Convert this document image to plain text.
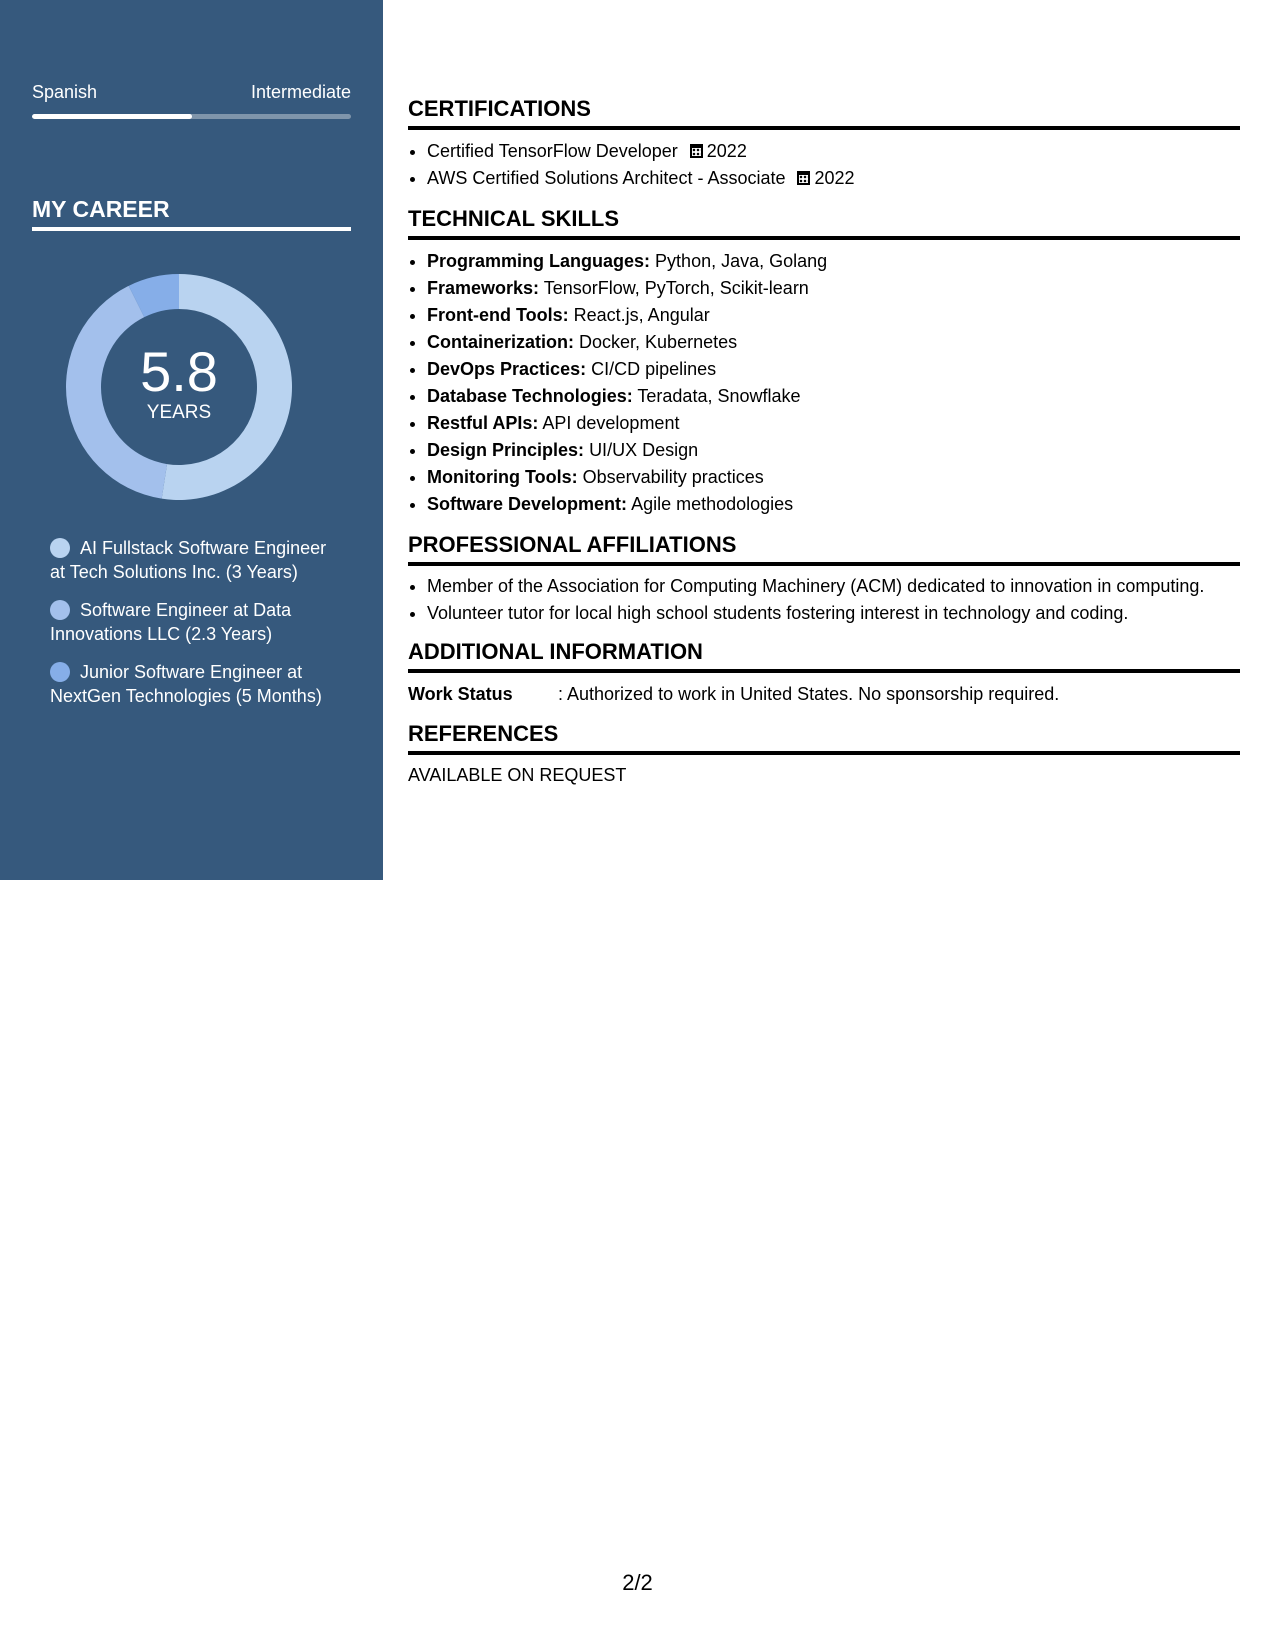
Spanish	Intermediate
MY CAREER
5.8
YEARS
AI Fullstack Software Engineer at Tech Solutions Inc. (3 Years)
Software Engineer at Data Innovations LLC (2.3 Years)
Junior Software Engineer at NextGen Technologies (5 Months)
CERTIFICATIONS
• Certified TensorFlow Developer 2022
• AWS Certified Solutions Architect - Associate 2022
TECHNICAL SKILLS
• Programming Languages: Python, Java, Golang
• Frameworks: TensorFlow, PyTorch, Scikit-learn
• Front-end Tools: React.js, Angular
• Containerization: Docker, Kubernetes
• DevOps Practices: CI/CD pipelines
• Database Technologies: Teradata, Snowflake
• Restful APIs: API development
• Design Principles: UI/UX Design
• Monitoring Tools: Observability practices
• Software Development: Agile methodologies
PROFESSIONAL AFFILIATIONS
• Member of the Association for Computing Machinery (ACM) dedicated to innovation in computing.
• Volunteer tutor for local high school students fostering interest in technology and coding.
ADDITIONAL INFORMATION
Work Status	: Authorized to work in United States. No sponsorship required.
REFERENCES

AVAILABLE ON REQUEST

2/2
